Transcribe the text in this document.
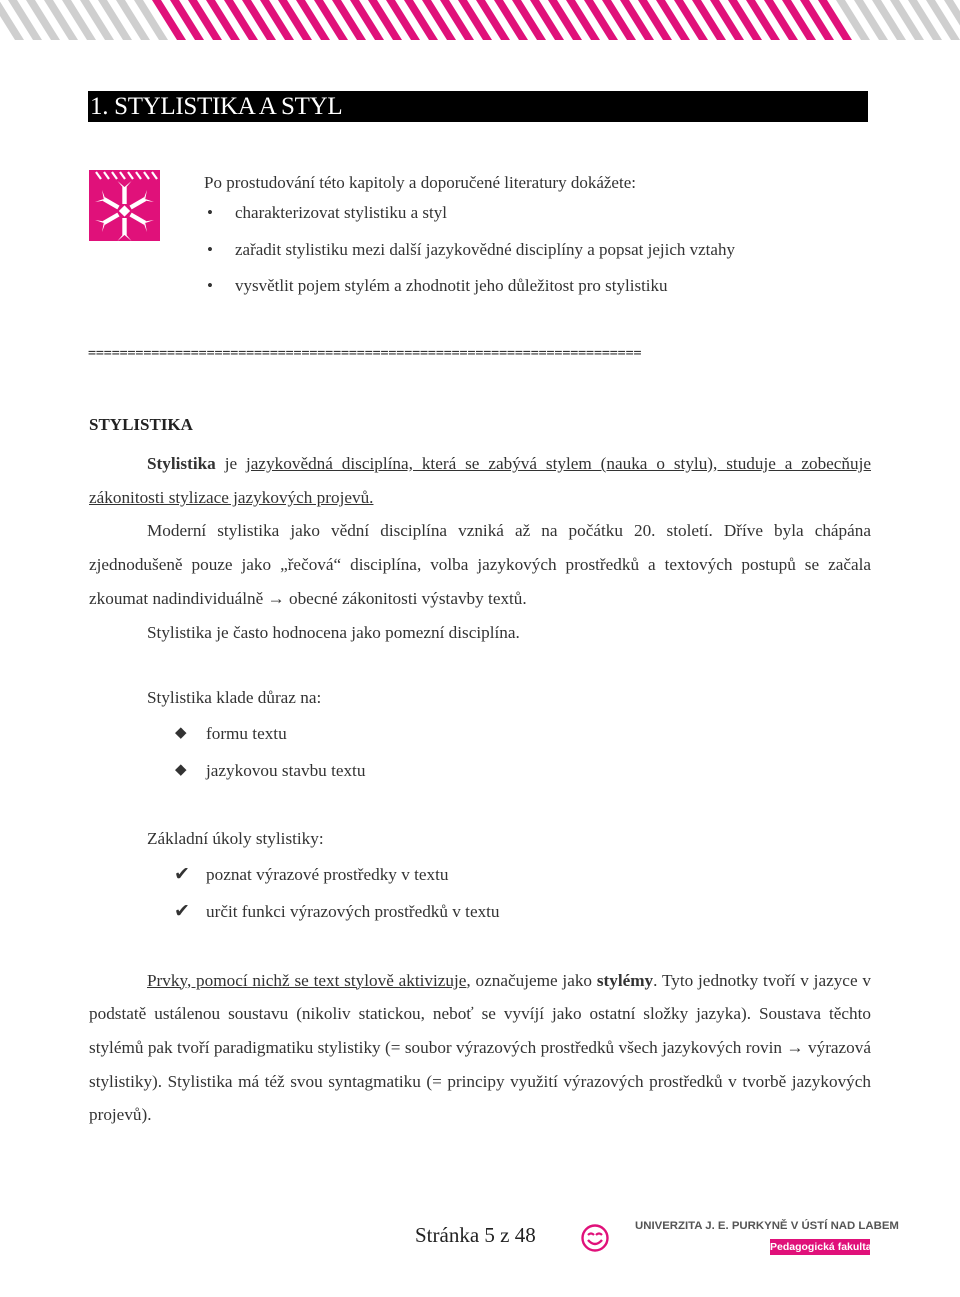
1. STYLISTIKA A STYL
Po prostudování této kapitoly a doporučené literatury dokážete:
• charakterizovat stylistiku a styl
• zařadit stylistiku mezi další jazykovědné disciplíny a popsat jejich vztahy
• vysvětlit pojem stylém a zhodnotit jeho důležitost pro stylistiku
======================================================================

STYLISTIKA

Stylistika je jazykovědná disciplína, která se zabývá stylem (nauka o stylu), studuje a zobecňuje zákonitosti stylizace jazykových projevů.

Moderní stylistika jako vědní disciplína vzniká až na počátku 20. století. Dříve byla chápána zjednodušeně pouze jako „řečová“ disciplína, volba jazykových prostředků a textových postupů se začala zkoumat nadindividuálně → obecné zákonitosti výstavby textů.

Stylistika je často hodnocena jako pomezní disciplína.

Stylistika klade důraz na:

◆ formu textu
◆ jazykovou stavbu textu

Základní úkoly stylistiky:

✔ poznat výrazové prostředky v textu
✔ určit funkci výrazových prostředků v textu

Prvky, pomocí nichž se text stylově aktivizuje, označujeme jako stylémy. Tyto jednotky tvoří v jazyce v podstatě ustálenou soustavu (nikoliv statickou, neboť se vyvíjí jako ostatní složky jazyka). Soustava těchto stylémů pak tvoří paradigmatiku stylistiky (= soubor výrazových prostředků všech jazykových rovin → výrazová stylistiky). Stylistika má též svou syntagmatiku (= principy využití výrazových prostředků v tvorbě jazykových projevů).

Stránka 5 z 48	UNIVERZITA J. E. PURKYNĚ V ÚSTÍ NAD LABEM
Pedagogická fakulta
